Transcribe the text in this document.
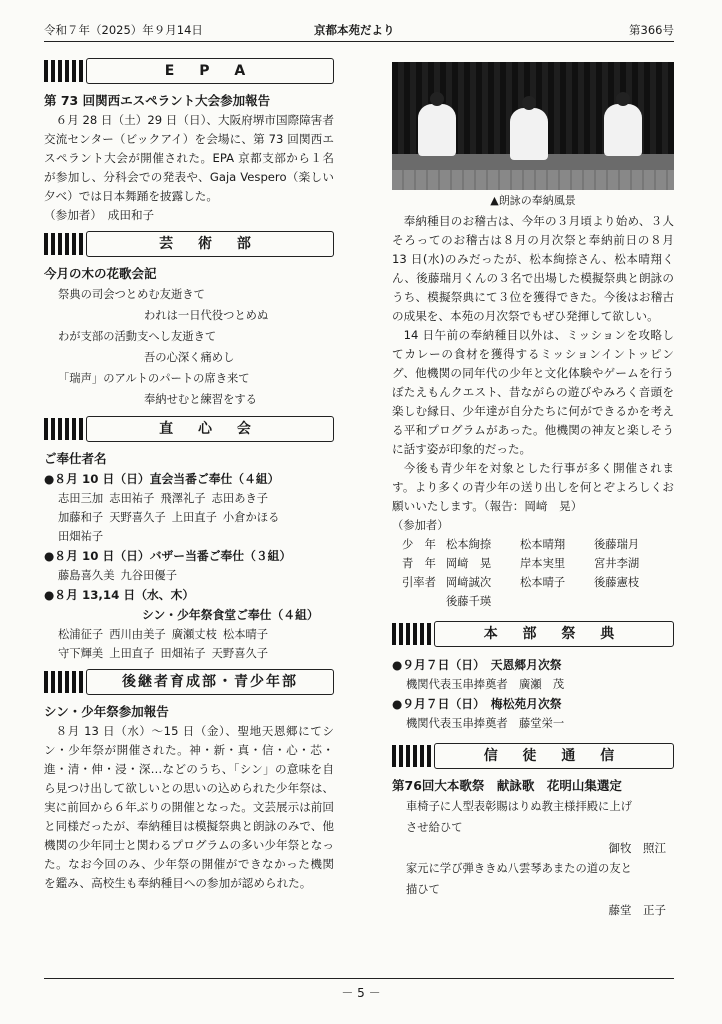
令和７年（2025）年９月14日	京都本苑だより	第366号
E P A
第 73 回関西エスペラント大会参加報告

６月 28 日（土）29 日（日）、大阪府堺市国際障害者交流センター（ビックアイ）を会場に、第 73 回関西エスペラント大会が開催された。EPA 京都支部から１名が参加し、分科会での発表や、Gaja Vespero（楽しい夕べ）では日本舞踊を披露した。

（参加者）　成田和子

芸 術 部
今月の木の花歌会記
祭典の司会つとめむ友逝きて
われは一日代役つとめぬ
わが支部の活動支へし友逝きて
吾の心深く痛めし
「瑞声」のアルトのパートの席き来て
奉納せむと練習をする
直 心 会
ご奉仕者名
●８月 10 日（日）直会当番ご奉仕（４組）
志田三加 志田祐子 飛澤礼子 志田あき子
加藤和子 天野喜久子 上田直子 小倉かほる
田畑祐子
●８月 10 日（日）バザー当番ご奉仕（３組）
藤島喜久美 九谷田優子
●８月 13,14 日（水、木）
シン・少年祭食堂ご奉仕（４組）
松浦征子 西川由美子 廣瀬丈枝 松本晴子
守下輝美 上田直子 田畑祐子 天野喜久子
後継者育成部・青少年部
シン・少年祭参加報告

８月 13 日（水）～15 日（金）、聖地天恩郷にてシン・少年祭が開催された。神・新・真・信・心・芯・進・清・伸・浸・深…などのうち、「シン」の意味を自ら見つけ出して欲しいとの思いの込められた少年祭は、実に前回から６年ぶりの開催となった。文芸展示は前回と同様だったが、奉納種目は模擬祭典と朗詠のみで、他機関の少年同士と関わるプログラムの多い少年祭となった。なお今回のみ、少年祭の開催ができなかった機関を鑑み、高校生も奉納種目への参加が認められた。

▲朗詠の奉納風景

奉納種目のお稽古は、今年の３月頃より始め、３人そろってのお稽古は８月の月次祭と奉納前日の８月 13 日(水)のみだったが、松本絢捺さん、松本晴翔くん、後藤瑞月くんの３名で出場した模擬祭典と朗詠のうち、模擬祭典にて３位を獲得できた。今後はお稽古の成果を、本苑の月次祭でもぜひ発揮して欲しい。

14 日午前の奉納種目以外は、ミッションを攻略してカレーの食材を獲得するミッションイントッピング、他機関の同年代の少年と文化体験やゲームを行うぼたえもんクエスト、昔ながらの遊びやみろく音頭を楽しむ縁日、少年達が自分たちに何ができるかを考える平和プログラムがあった。他機関の神友と楽しそうに話す姿が印象的だった。

今後も青少年を対象とした行事が多く開催されます。より多くの青少年の送り出しを何とぞよろしくお願いいたします。（報告：岡﨑　晃）

（参加者）
少　年 松本絢捺	松本晴翔	後藤瑞月
青　年 岡﨑　晃	岸本実里	宮井李湖
引率者 岡﨑誠次	松本晴子	後藤憲枝
後藤千瑛
本 部 祭 典
●９月７日（日）　天恩郷月次祭
機関代表玉串捧奠者　廣瀬　茂
●９月７日（日）　梅松苑月次祭
機関代表玉串捧奠者　藤堂栄一
信 徒 通 信
第76回大本歌祭　献詠歌　花明山集選定
車椅子に人型表彰賜はりぬ教主様拝殿に上げ
させ給ひて
御牧　照江
家元に学び弾ききぬ八雲琴あまたの道の友と
描ひて
藤堂　正子
－ 5 －
